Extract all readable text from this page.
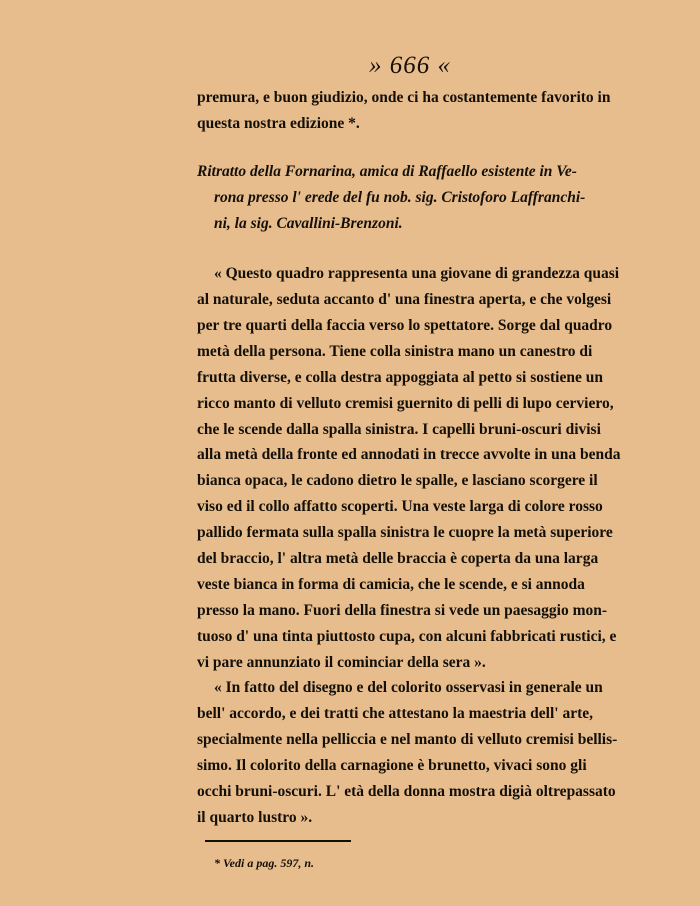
» 666 «
premura, e buon giudizio, onde ci ha costantemente favorito in
questa nostra edizione *.
Ritratto della Fornarina, amica di Raffaello esistente in Ve-
rona presso l' erede del fu nob. sig. Cristoforo Laffranchi-
ni, la sig. Cavallini-Brenzoni.
« Questo quadro rappresenta una giovane di grandezza quasi
al naturale, seduta accanto d' una finestra aperta, e che volgesi
per tre quarti della faccia verso lo spettatore. Sorge dal quadro
metà della persona. Tiene colla sinistra mano un canestro di
frutta diverse, e colla destra appoggiata al petto si sostiene un
ricco manto di velluto cremisi guernito di pelli di lupo cerviero,
che le scende dalla spalla sinistra. I capelli bruni-oscuri divisi
alla metà della fronte ed annodati in trecce avvolte in una benda
bianca opaca, le cadono dietro le spalle, e lasciano scorgere il
viso ed il collo affatto scoperti. Una veste larga di colore rosso
pallido fermata sulla spalla sinistra le cuopre la metà superiore
del braccio, l' altra metà delle braccia è coperta da una larga
veste bianca in forma di camicia, che le scende, e si annoda
presso la mano. Fuori della finestra si vede un paesaggio mon-
tuoso d' una tinta piuttosto cupa, con alcuni fabbricati rustici, e
vi pare annunziato il cominciar della sera ».
« In fatto del disegno e del colorito osservasi in generale un
bell' accordo, e dei tratti che attestano la maestria dell' arte,
specialmente nella pelliccia e nel manto di velluto cremisi bellis-
simo. Il colorito della carnagione è brunetto, vivaci sono gli
occhi bruni-oscuri. L' età della donna mostra digià oltrepassato
il quarto lustro ».
* Vedi a pag. 597, n.
